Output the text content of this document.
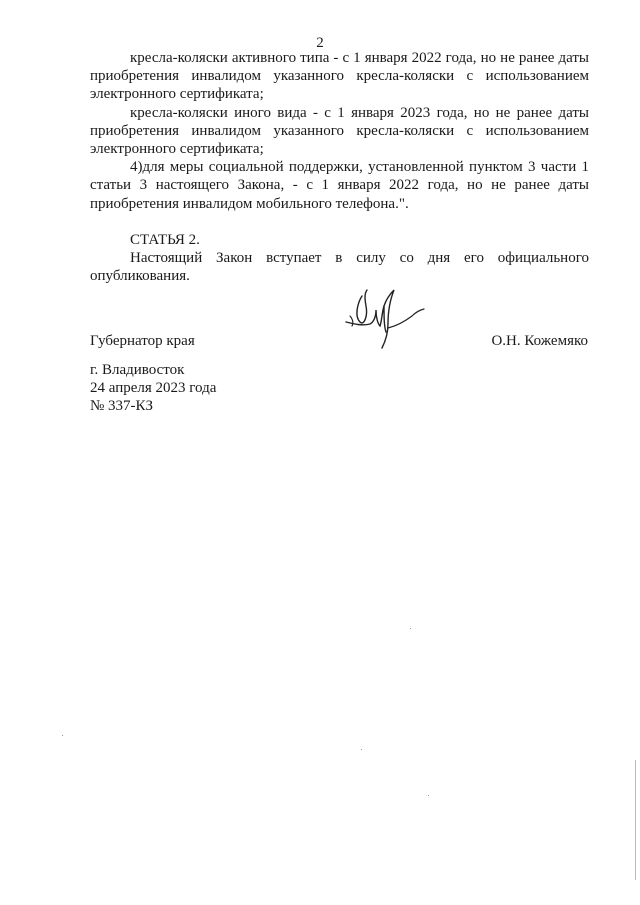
2

кресла-коляски активного типа - с 1 января 2022 года, но не ранее даты приобретения инвалидом указанного кресла-коляски с использованием электронного сертификата;

кресла-коляски иного вида - с 1 января 2023 года, но не ранее даты приобретения инвалидом указанного кресла-коляски с использованием электронного сертификата;

4)для меры социальной поддержки, установленной пунктом 3 части 1 статьи 3 настоящего Закона, - с 1 января 2022 года, но не ранее даты приобретения инвалидом мобильного телефона.".

СТАТЬЯ 2.

Настоящий Закон вступает в силу со дня его официального опубликования.

Губернатор края	О.Н. Кожемяко
г. Владивосток
24 апреля 2023 года
№ 337-КЗ
